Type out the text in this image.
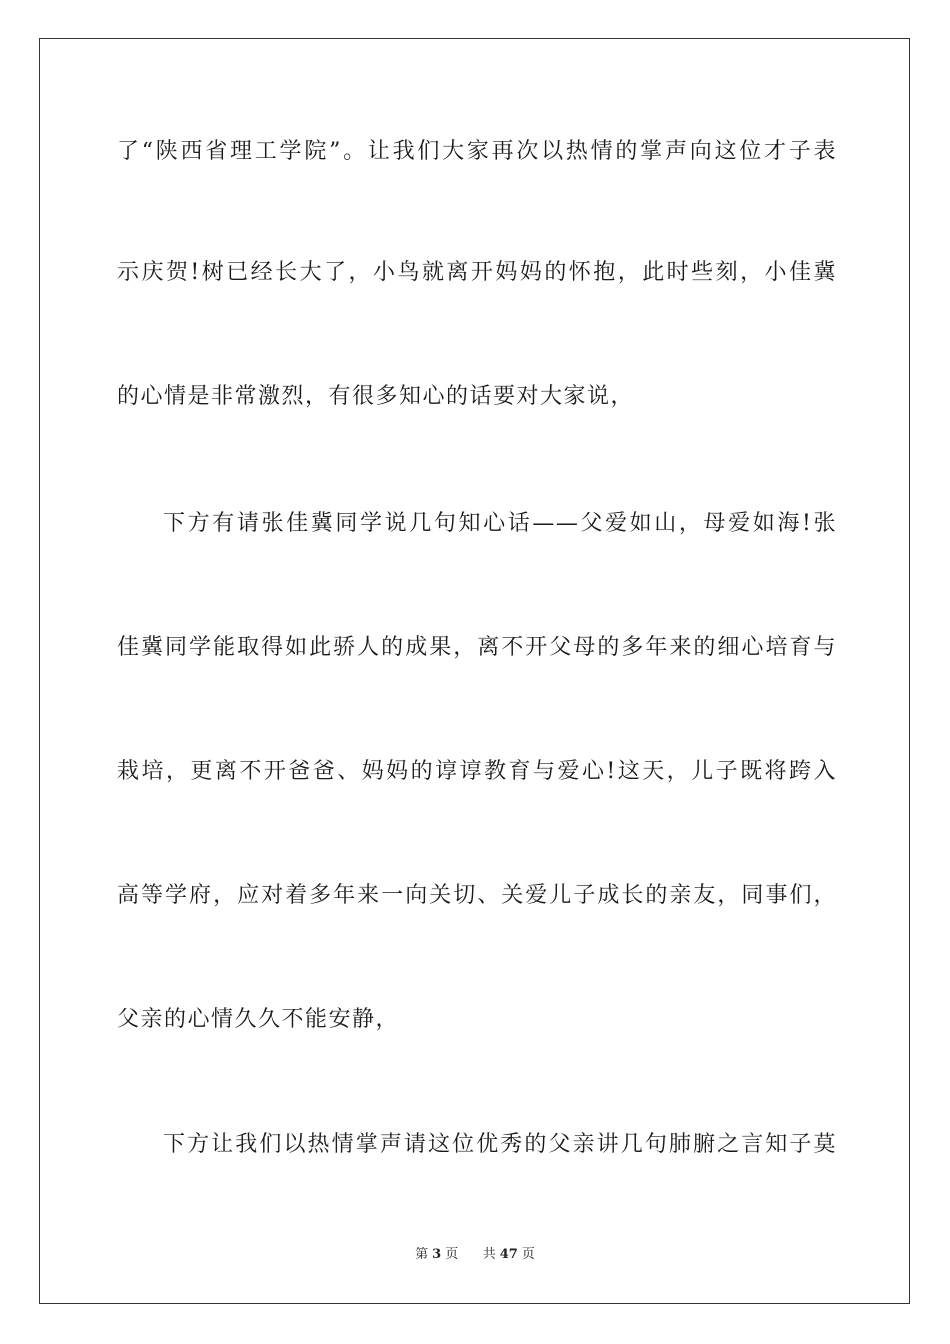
了“陕西省理工学院”。让我们大家再次以热情的掌声向这位才子表
示庆贺!树已经长大了，小鸟就离开妈妈的怀抱，此时些刻，小佳冀
的心情是非常激烈，有很多知心的话要对大家说，
下方有请张佳冀同学说几句知心话——父爱如山，母爱如海!张
佳冀同学能取得如此骄人的成果，离不开父母的多年来的细心培育与
栽培，更离不开爸爸、妈妈的谆谆教育与爱心!这天，儿子既将跨入
高等学府，应对着多年来一向关切、关爱儿子成长的亲友，同事们，
父亲的心情久久不能安静，
下方让我们以热情掌声请这位优秀的父亲讲几句肺腑之言知子莫
第 3 页 共 47 页
